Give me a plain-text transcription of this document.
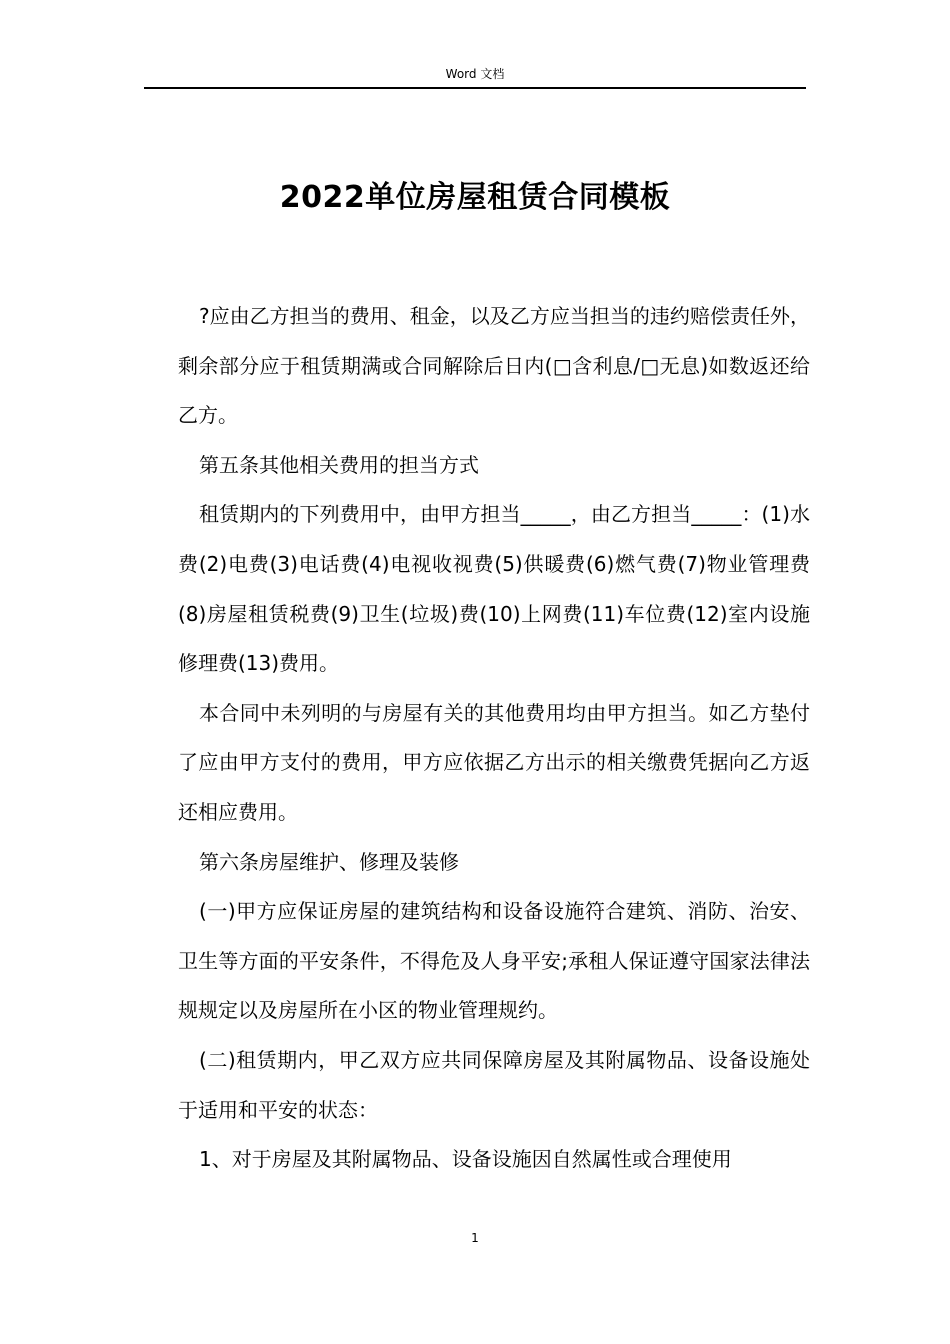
Word 文档
2022单位房屋租赁合同模板

?应由乙方担当的费用、租金，以及乙方应当担当的违约赔偿责任外，剩余部分应于租赁期满或合同解除后日内(□含利息/□无息)如数返还给乙方。

第五条其他相关费用的担当方式

租赁期内的下列费用中，由甲方担当_____，由乙方担当_____：(1)水费(2)电费(3)电话费(4)电视收视费(5)供暖费(6)燃气费(7)物业管理费(8)房屋租赁税费(9)卫生(垃圾)费(10)上网费(11)车位费(12)室内设施修理费(13)费用。

本合同中未列明的与房屋有关的其他费用均由甲方担当。如乙方垫付了应由甲方支付的费用，甲方应依据乙方出示的相关缴费凭据向乙方返还相应费用。

第六条房屋维护、修理及装修

(一)甲方应保证房屋的建筑结构和设备设施符合建筑、消防、治安、卫生等方面的平安条件，不得危及人身平安;承租人保证遵守国家法律法规规定以及房屋所在小区的物业管理规约。

(二)租赁期内，甲乙双方应共同保障房屋及其附属物品、设备设施处于适用和平安的状态：

1、对于房屋及其附属物品、设备设施因自然属性或合理使用

1
